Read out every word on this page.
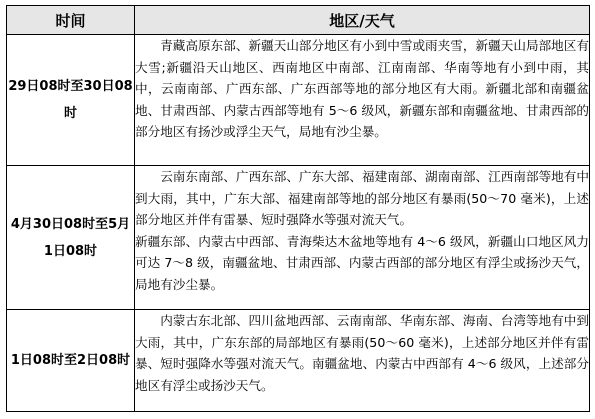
时间	地区/天气
29日08时至30日08时	青藏高原东部、新疆天山部分地区有小到中雪或雨夹雪，新疆天山局部地区有大雪;新疆沿天山地区、西南地区中南部、江南南部、华南等地有小到中雨，其中，云南南部、广西东部、广东西部等地的部分地区有大雨。新疆北部和南疆盆地、甘肃西部、内蒙古西部等地有 5～6 级风，新疆东部和南疆盆地、甘肃西部的部分地区有扬沙或浮尘天气，局地有沙尘暴。

4月30日08时至5月1日08时	云南东南部、广西东部、广东大部、福建南部、湖南南部、江西南部等地有中到大雨，其中，广东大部、福建南部等地的部分地区有暴雨(50～70 毫米)，上述部分地区并伴有雷暴、短时强降水等强对流天气。

新疆东部、内蒙古中西部、青海柴达木盆地等地有 4～6 级风，新疆山口地区风力可达 7～8 级，南疆盆地、甘肃西部、内蒙古西部的部分地区有浮尘或扬沙天气，局地有沙尘暴。

1日08时至2日08时	内蒙古东北部、四川盆地西部、云南南部、华南东部、海南、台湾等地有中到大雨，其中，广东东部的局部地区有暴雨(50～60 毫米)，上述部分地区并伴有雷暴、短时强降水等强对流天气。南疆盆地、内蒙古中西部有 4～6 级风，上述部分地区有浮尘或扬沙天气。
